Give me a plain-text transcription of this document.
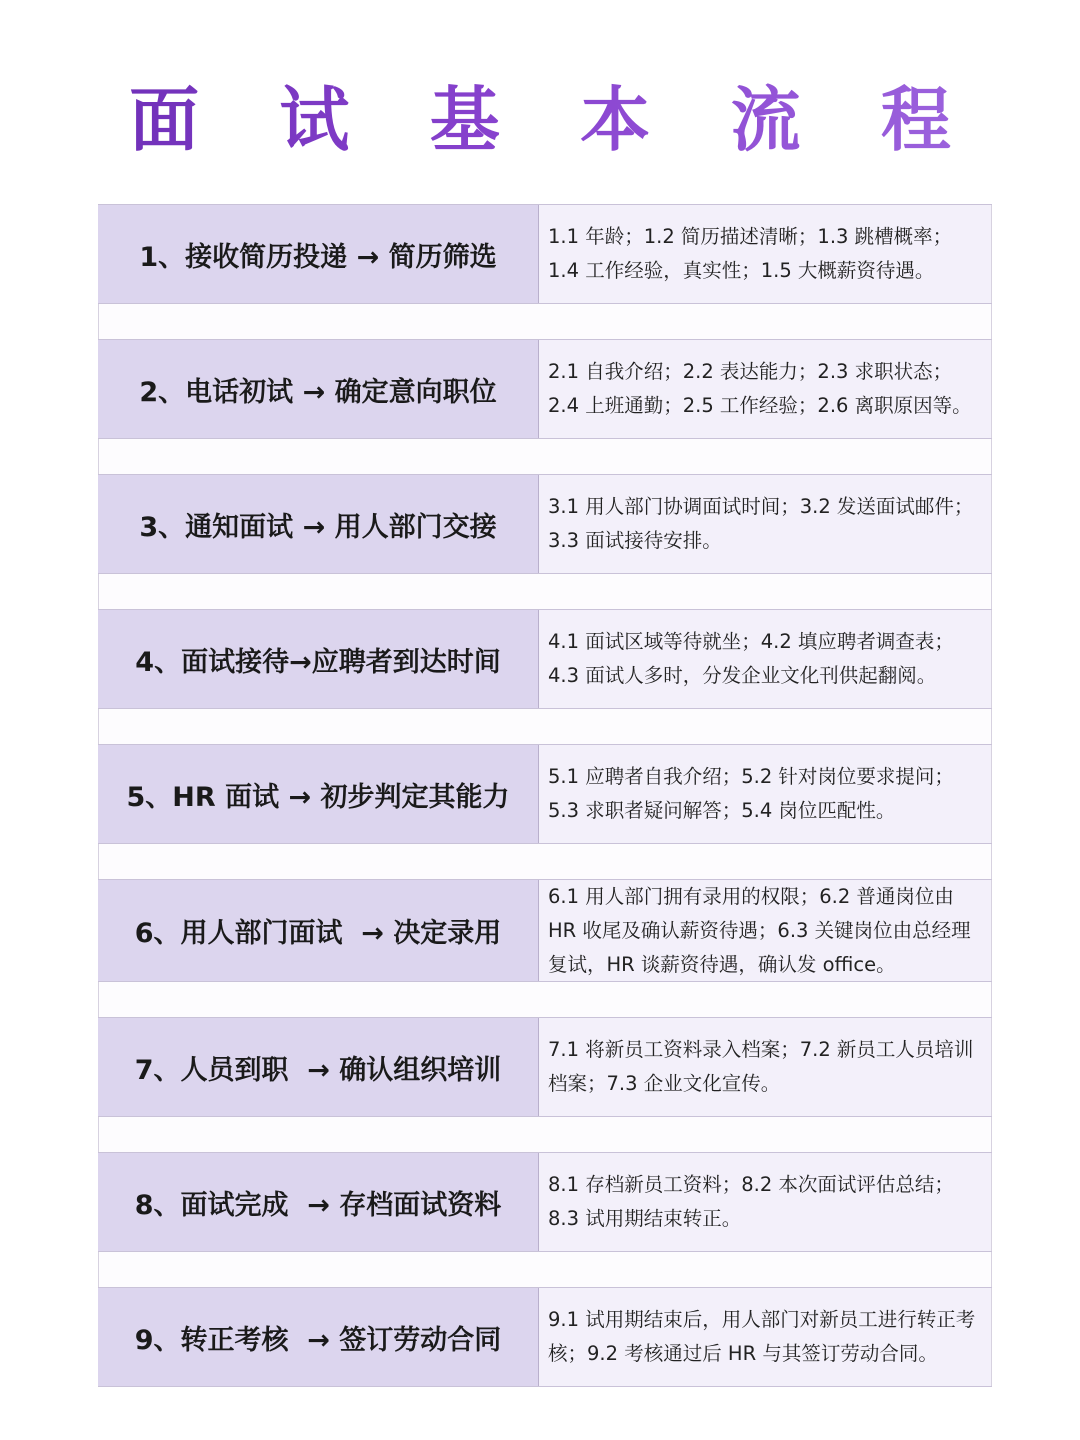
面 试 基 本 流 程
1、接收简历投递 → 简历筛选
1.1 年龄；1.2 简历描述清晰；1.3 跳槽概率；1.4 工作经验，真实性；1.5 大概薪资待遇。
2、电话初试 → 确定意向职位
2.1 自我介绍；2.2 表达能力；2.3 求职状态；2.4 上班通勤；2.5 工作经验；2.6 离职原因等。
3、通知面试 → 用人部门交接
3.1 用人部门协调面试时间；3.2 发送面试邮件；3.3 面试接待安排。
4、面试接待→应聘者到达时间
4.1 面试区域等待就坐；4.2 填应聘者调查表；4.3 面试人多时，分发企业文化刊供起翻阅。
5、HR 面试 → 初步判定其能力
5.1 应聘者自我介绍；5.2 针对岗位要求提问；5.3 求职者疑问解答；5.4 岗位匹配性。
6、用人部门面试  → 决定录用
6.1 用人部门拥有录用的权限；6.2 普通岗位由 HR 收尾及确认薪资待遇；6.3 关键岗位由总经理复试，HR 谈薪资待遇，确认发 office。
7、人员到职  → 确认组织培训
7.1 将新员工资料录入档案；7.2 新员工人员培训档案；7.3 企业文化宣传。
8、面试完成  → 存档面试资料
8.1 存档新员工资料；8.2 本次面试评估总结；8.3 试用期结束转正。
9、转正考核  → 签订劳动合同
9.1 试用期结束后，用人部门对新员工进行转正考核；9.2 考核通过后 HR 与其签订劳动合同。
